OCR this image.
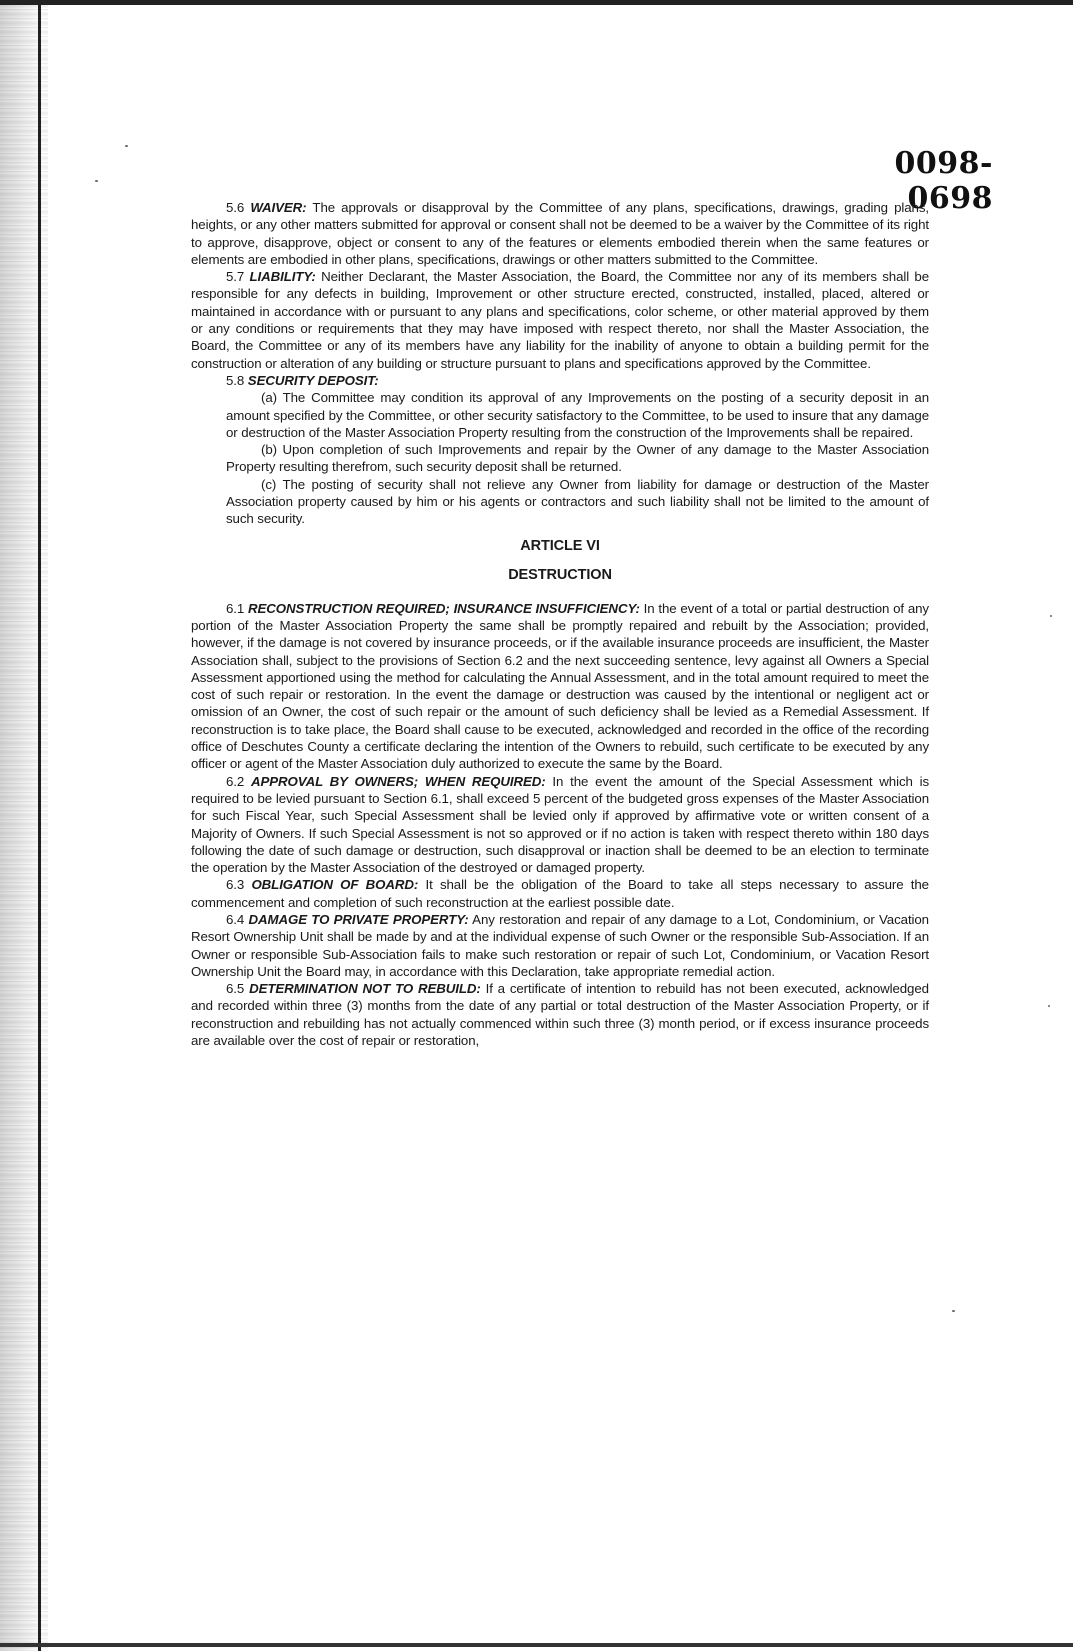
0098-0698

5.6 WAIVER: The approvals or disapproval by the Committee of any plans, specifications, drawings, grading plans, heights, or any other matters submitted for approval or consent shall not be deemed to be a waiver by the Committee of its right to approve, disapprove, object or consent to any of the features or elements embodied therein when the same features or elements are embodied in other plans, specifications, drawings or other matters submitted to the Committee.

5.7 LIABILITY: Neither Declarant, the Master Association, the Board, the Committee nor any of its members shall be responsible for any defects in building, Improvement or other structure erected, constructed, installed, placed, altered or maintained in accordance with or pursuant to any plans and specifications, color scheme, or other material approved by them or any conditions or requirements that they may have imposed with respect thereto, nor shall the Master Association, the Board, the Committee or any of its members have any liability for the inability of anyone to obtain a building permit for the construction or alteration of any building or structure pursuant to plans and specifications approved by the Committee.

5.8 SECURITY DEPOSIT:

(a) The Committee may condition its approval of any Improvements on the posting of a security deposit in an amount specified by the Committee, or other security satisfactory to the Committee, to be used to insure that any damage or destruction of the Master Association Property resulting from the construction of the Improvements shall be repaired.

(b) Upon completion of such Improvements and repair by the Owner of any damage to the Master Association Property resulting therefrom, such security deposit shall be returned.

(c) The posting of security shall not relieve any Owner from liability for damage or destruction of the Master Association property caused by him or his agents or contractors and such liability shall not be limited to the amount of such security.

ARTICLE VI

DESTRUCTION

6.1 RECONSTRUCTION REQUIRED; INSURANCE INSUFFICIENCY: In the event of a total or partial destruction of any portion of the Master Association Property the same shall be promptly repaired and rebuilt by the Association; provided, however, if the damage is not covered by insurance proceeds, or if the available insurance proceeds are insufficient, the Master Association shall, subject to the provisions of Section 6.2 and the next succeeding sentence, levy against all Owners a Special Assessment apportioned using the method for calculating the Annual Assessment, and in the total amount required to meet the cost of such repair or restoration. In the event the damage or destruction was caused by the intentional or negligent act or omission of an Owner, the cost of such repair or the amount of such deficiency shall be levied as a Remedial Assessment. If reconstruction is to take place, the Board shall cause to be executed, acknowledged and recorded in the office of the recording office of Deschutes County a certificate declaring the intention of the Owners to rebuild, such certificate to be executed by any officer or agent of the Master Association duly authorized to execute the same by the Board.

6.2 APPROVAL BY OWNERS; WHEN REQUIRED: In the event the amount of the Special Assessment which is required to be levied pursuant to Section 6.1, shall exceed 5 percent of the budgeted gross expenses of the Master Association for such Fiscal Year, such Special Assessment shall be levied only if approved by affirmative vote or written consent of a Majority of Owners. If such Special Assessment is not so approved or if no action is taken with respect thereto within 180 days following the date of such damage or destruction, such disapproval or inaction shall be deemed to be an election to terminate the operation by the Master Association of the destroyed or damaged property.

6.3 OBLIGATION OF BOARD: It shall be the obligation of the Board to take all steps necessary to assure the commencement and completion of such reconstruction at the earliest possible date.

6.4 DAMAGE TO PRIVATE PROPERTY: Any restoration and repair of any damage to a Lot, Condominium, or Vacation Resort Ownership Unit shall be made by and at the individual expense of such Owner or the responsible Sub-Association. If an Owner or responsible Sub-Association fails to make such restoration or repair of such Lot, Condominium, or Vacation Resort Ownership Unit the Board may, in accordance with this Declaration, take appropriate remedial action.

6.5 DETERMINATION NOT TO REBUILD: If a certificate of intention to rebuild has not been executed, acknowledged and recorded within three (3) months from the date of any partial or total destruction of the Master Association Property, or if reconstruction and rebuilding has not actually commenced within such three (3) month period, or if excess insurance proceeds are available over the cost of repair or restoration,
